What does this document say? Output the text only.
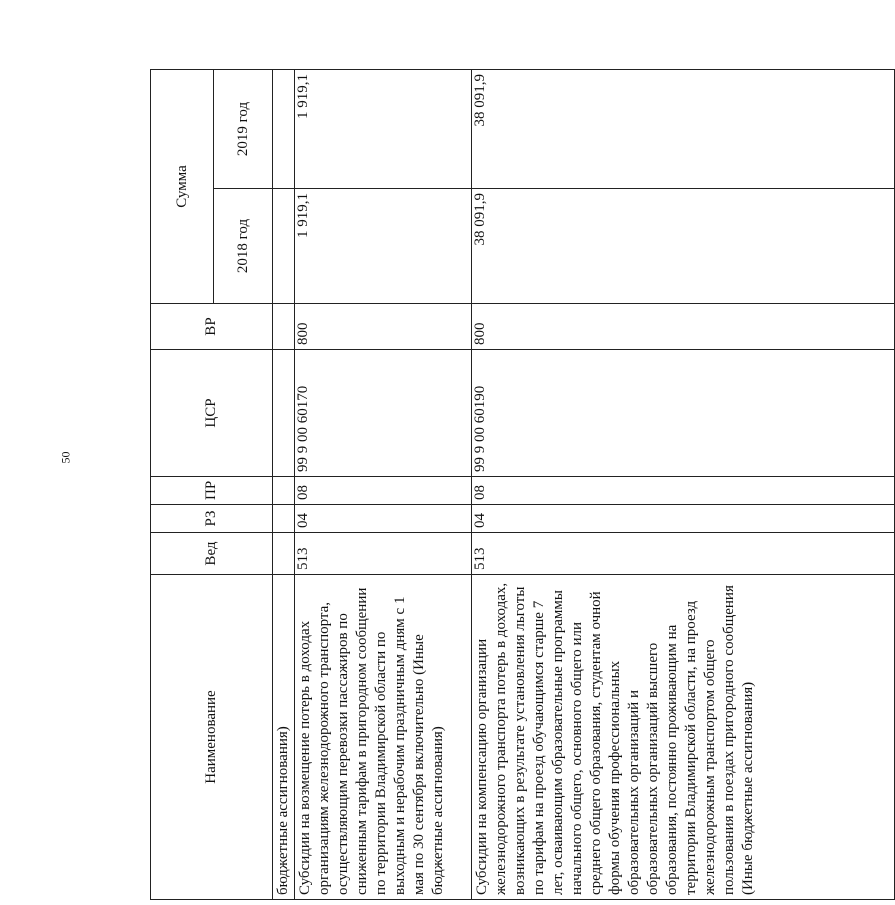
50
Наименование	Вед	РЗ	ПР	ЦСР	ВР	Сумма	
						2018 год	2019 год
бюджетные ассигнования)							
Субсидии на возмещение потерь в доходах организациям железнодорожного транспорта, осуществляющим перевозки пассажиров по сниженным тарифам в пригородном сообщении по территории Владимирской области по выходным и нерабочим праздничным дням с 1 мая по 30 сентября включительно (Иные бюджетные ассигнования)	513	04	08	99 9 00 60170	800	1 919,1	1 919,1
Субсидии на компенсацию организации железнодорожного транспорта потерь в доходах, возникающих в результате установления льготы по тарифам на проезд обучающимся старше 7 лет, осваивающим образовательные программы начального общего, основного общего или среднего общего образования, студентам очной формы обучения профессиональных образовательных организаций и образовательных организаций высшего образования, постоянно проживающим на территории Владимирской области, на проезд железнодорожным транспортом общего пользования в поездах пригородного сообщения (Иные бюджетные ассигнования)	513	04	08	99 9 00 60190	800	38 091,9	38 091,9
